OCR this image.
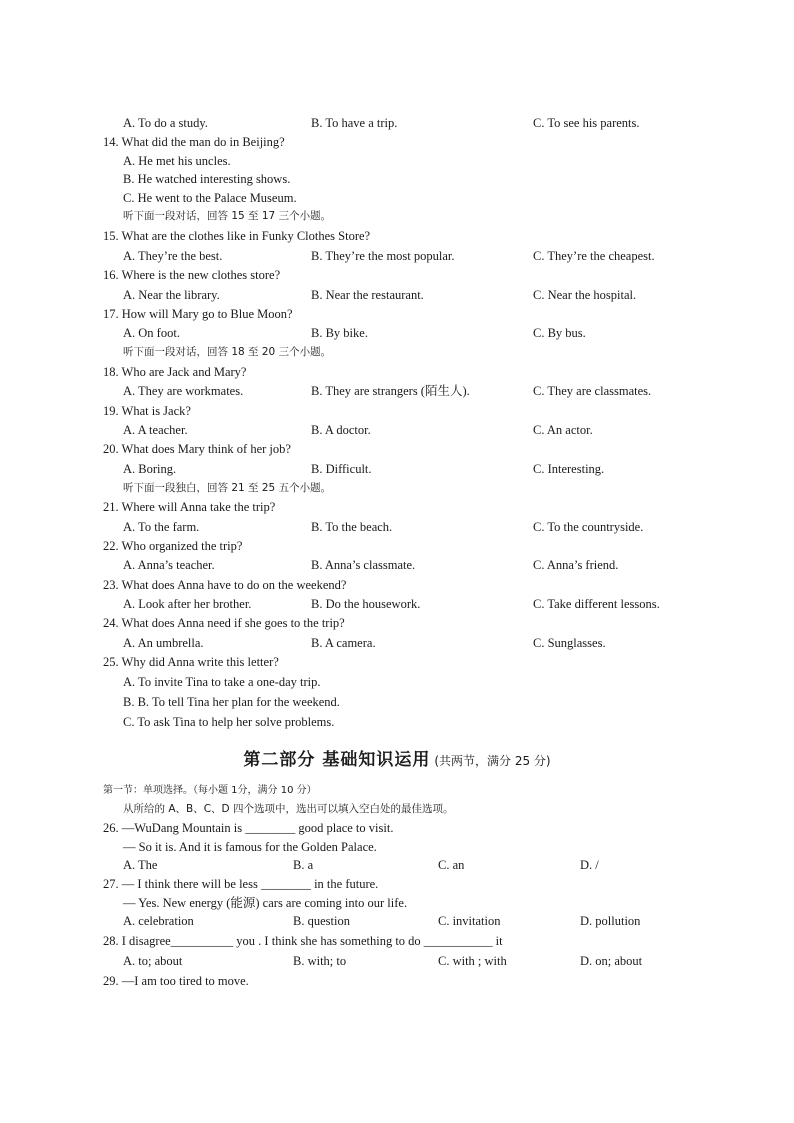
A. To do a study.	B. To have a trip.	C. To see his parents.
14. What did the man do in Beijing?
A. He met his uncles.
B. He watched interesting shows.
C. He went to the Palace Museum.
听下面一段对话，回答 15 至 17 三个小题。
15. What are the clothes like in Funky Clothes Store?
A. They’re the best.	B. They’re the most popular.	C. They’re the cheapest.
16. Where is the new clothes store?
A. Near the library.	B. Near the restaurant.	C. Near the hospital.
17. How will Mary go to Blue Moon?
A. On foot.	B. By bike.	C. By bus.
听下面一段对话，回答 18 至 20 三个小题。
18. Who are Jack and Mary?
A. They are workmates.	B. They are strangers (陌生人).	C. They are classmates.
19. What is Jack?
A. A teacher.	B. A doctor.	C. An actor.
20. What does Mary think of her job?
A. Boring.	B. Difficult.	C. Interesting.
听下面一段独白，回答 21 至 25 五个小题。
21. Where will Anna take the trip?
A. To the farm.	B. To the beach.	C. To the countryside.
22. Who organized the trip?
A. Anna’s teacher.	B. Anna’s classmate.	C. Anna’s friend.
23. What does Anna have to do on the weekend?
A. Look after her brother.	B. Do the housework.	C. Take different lessons.
24. What does Anna need if she goes to the trip?
A. An umbrella.	B. A camera.	C. Sunglasses.
25. Why did Anna write this letter?
A. To invite Tina to take a one-day trip.
B. B. To tell Tina her plan for the weekend.
C. To ask Tina to help her solve problems.
第二部分 基础知识运用 (共两节，满分 25 分)
第一节：单项选择。（每小题 1分，满分 10 分）
从所给的 A、B、C、D 四个选项中，选出可以填入空白处的最佳选项。
26. —WuDang Mountain is ________ good place to visit.
— So it is. And it is famous for the Golden Palace.
A. The	B. a	C. an	D. /
27. — I think there will be less ________ in the future.
— Yes. New energy (能源) cars are coming into our life.
A. celebration	B. question	C. invitation	D. pollution
28. I disagree__________ you . I think she has something to do ___________ it
A. to; about	B. with; to	C. with ; with	D. on; about
29. —I am too tired to move.
